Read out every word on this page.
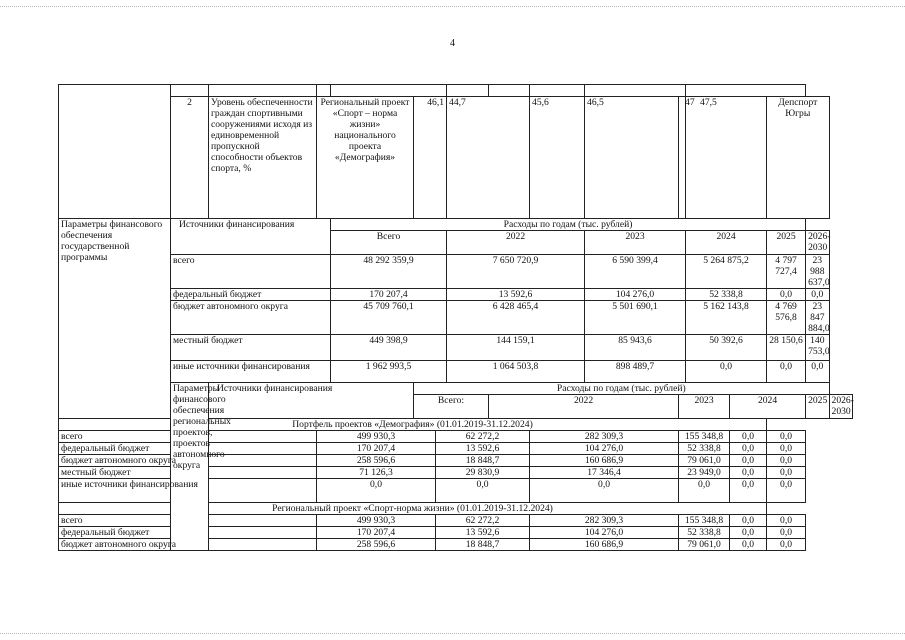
4

	2	Уровень обеспеченности граждан спортивными сооружениями исходя из единовременной пропускной способности объектов спорта, %	Региональный проект «Спорт – норма жизни» национального проекта «Демография»		46,1		44,7		45,6	46,5	47	47,5		Депспорт Югры		
Параметры финансового обеспечения государственной программы	Источники финансирования			Расходы по годам (тыс. рублей)												
				Всего			2022			2023		2024		2025	2026-2030	
	всего			48 292 359,9			7 650 720,9			6 590 399,4		5 264 875,2		4 797 727,4	23 988 637,0	
	федеральный бюджет			170 207,4			13 592,6			104 276,0		52 338,8		0,0	0,0	
	бюджет автономного округа			45 709 760,1			6 428 465,4			5 501 690,1		5 162 143,8		4 769 576,8	23 847 884,0	
	местный бюджет			449 398,9			144 159,1			85 943,6		50 392,6		28 150,6	140 753,0	
	иные источники финансирования			1 962 993,5			1 064 503,8			898 489,7		0,0		0,0	0,0	
	Параметры финансового обеспечения региональных проектов, проектов автономного округа	Источники финансирования			Расходы по годам (тыс. рублей)											
					Всего:			2022			2023		2024		2025	2026-2030
Портфель проектов «Демография» (01.01.2019-31.12.2024)																
всего			499 930,3			62 272,2			282 309,3		155 348,8		0,0	0,0		
федеральный бюджет			170 207,4			13 592,6			104 276,0		52 338,8		0,0	0,0		
бюджет автономного округа			258 596,6			18 848,7			160 686,9		79 061,0		0,0	0,0		
местный бюджет			71 126,3			29 830,9			17 346,4		23 949,0		0,0	0,0		
иные источники финансирования			0,0			0,0			0,0		0,0		0,0	0,0		
Региональный проект «Спорт-норма жизни» (01.01.2019-31.12.2024)																
всего			499 930,3			62 272,2			282 309,3		155 348,8		0,0	0,0		
федеральный бюджет			170 207,4			13 592,6			104 276,0		52 338,8		0,0	0,0		
бюджет автономного округа			258 596,6			18 848,7			160 686,9		79 061,0		0,0	0,0		
